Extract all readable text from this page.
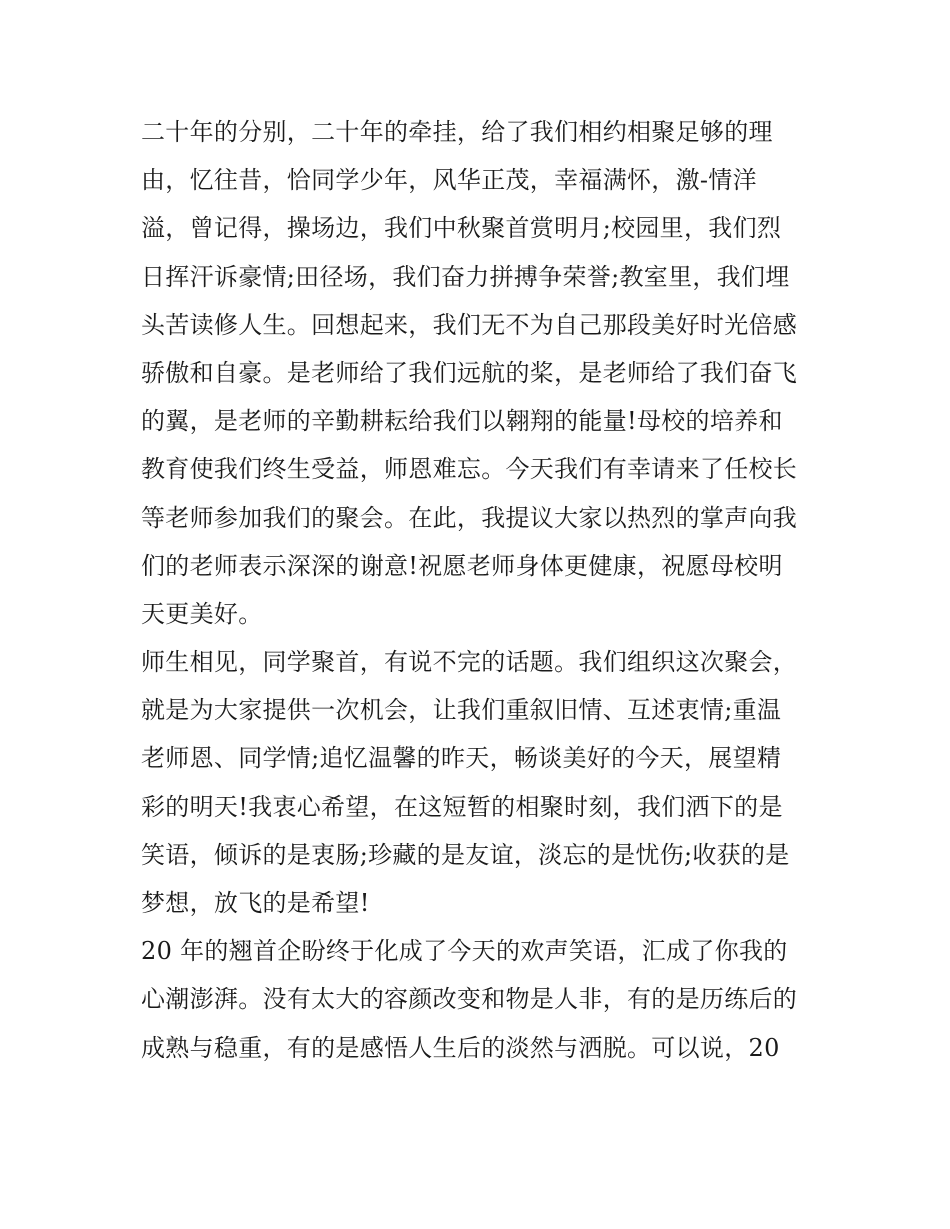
二十年的分别，二十年的牵挂，给了我们相约相聚足够的理
由，忆往昔，恰同学少年，风华正茂，幸福满怀，激-情洋
溢，曾记得，操场边，我们中秋聚首赏明月;校园里，我们烈
日挥汗诉豪情;田径场，我们奋力拼搏争荣誉;教室里，我们埋
头苦读修人生。回想起来，我们无不为自己那段美好时光倍感
骄傲和自豪。是老师给了我们远航的桨，是老师给了我们奋飞
的翼，是老师的辛勤耕耘给我们以翱翔的能量!母校的培养和
教育使我们终生受益，师恩难忘。今天我们有幸请来了任校长
等老师参加我们的聚会。在此，我提议大家以热烈的掌声向我
们的老师表示深深的谢意!祝愿老师身体更健康，祝愿母校明
天更美好。
师生相见，同学聚首，有说不完的话题。我们组织这次聚会，
就是为大家提供一次机会，让我们重叙旧情、互述衷情;重温
老师恩、同学情;追忆温馨的昨天，畅谈美好的今天，展望精
彩的明天!我衷心希望，在这短暂的相聚时刻，我们洒下的是
笑语，倾诉的是衷肠;珍藏的是友谊，淡忘的是忧伤;收获的是
梦想，放飞的是希望!
20 年的翘首企盼终于化成了今天的欢声笑语，汇成了你我的
心潮澎湃。没有太大的容颜改变和物是人非，有的是历练后的
成熟与稳重，有的是感悟人生后的淡然与洒脱。可以说，20
